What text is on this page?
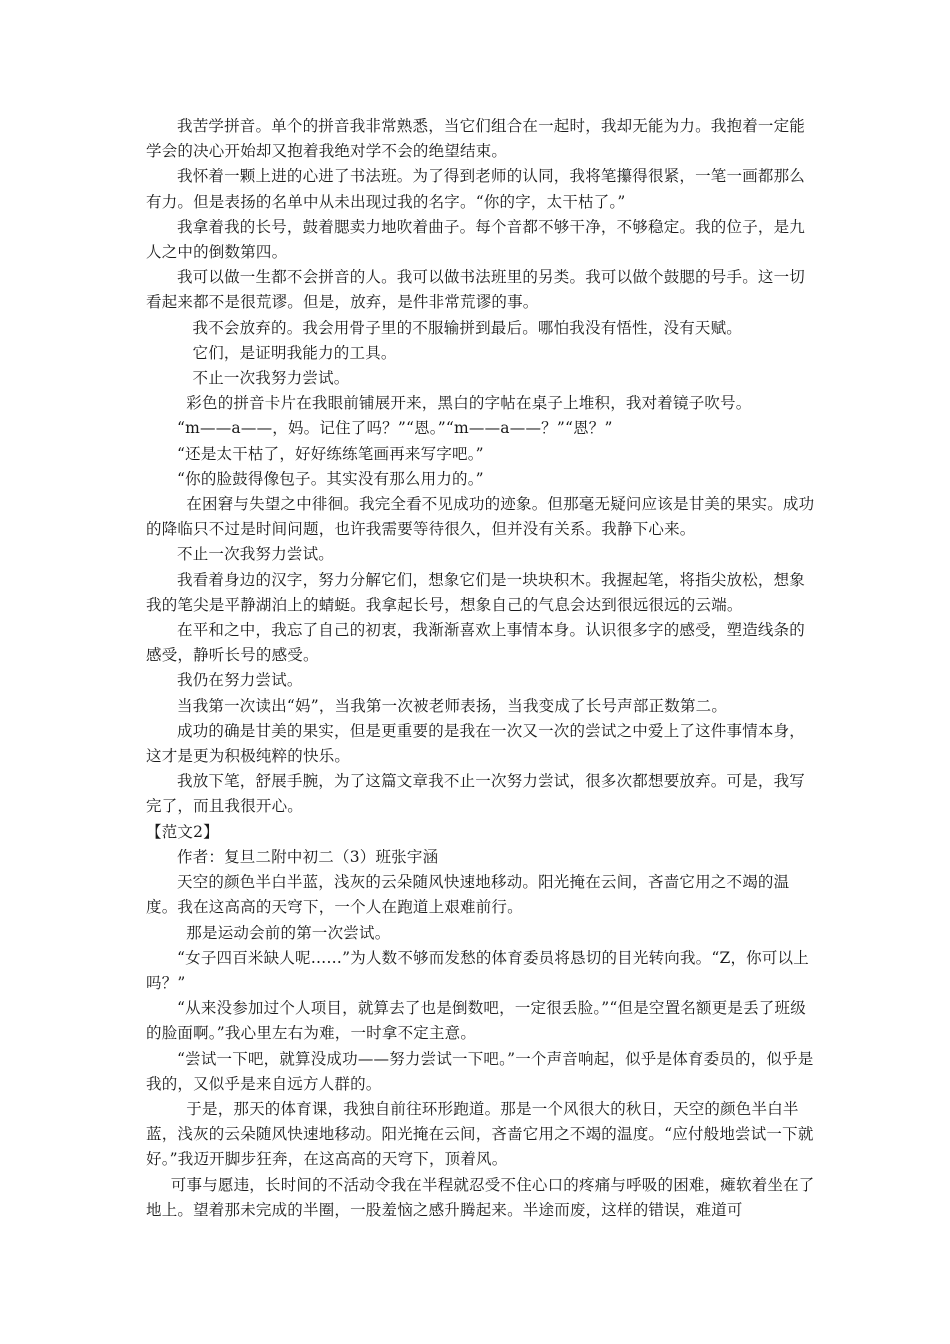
我苦学拼音。单个的拼音我非常熟悉，当它们组合在一起时，我却无能为力。我抱着一定能学会的决心开始却又抱着我绝对学不会的绝望结束。

我怀着一颗上进的心进了书法班。为了得到老师的认同，我将笔攥得很紧，一笔一画都那么有力。但是表扬的名单中从未出现过我的名字。“你的字，太干枯了。”

我拿着我的长号，鼓着腮卖力地吹着曲子。每个音都不够干净，不够稳定。我的位子，是九人之中的倒数第四。

我可以做一生都不会拼音的人。我可以做书法班里的另类。我可以做个鼓腮的号手。这一切看起来都不是很荒谬。但是，放弃，是件非常荒谬的事。

我不会放弃的。我会用骨子里的不服输拼到最后。哪怕我没有悟性，没有天赋。

它们，是证明我能力的工具。

不止一次我努力尝试。

彩色的拼音卡片在我眼前铺展开来，黑白的字帖在桌子上堆积，我对着镜子吹号。

“m——a——，妈。记住了吗？”“恩。”“m——a——？”“恩？”

“还是太干枯了，好好练练笔画再来写字吧。”

“你的脸鼓得像包子。其实没有那么用力的。”

在困窘与失望之中徘徊。我完全看不见成功的迹象。但那毫无疑问应该是甘美的果实。成功的降临只不过是时间问题，也许我需要等待很久，但并没有关系。我静下心来。

不止一次我努力尝试。

我看着身边的汉字，努力分解它们，想象它们是一块块积木。我握起笔，将指尖放松，想象我的笔尖是平静湖泊上的蜻蜓。我拿起长号，想象自己的气息会达到很远很远的云端。

在平和之中，我忘了自己的初衷，我渐渐喜欢上事情本身。认识很多字的感受，塑造线条的感受，静听长号的感受。

我仍在努力尝试。

当我第一次读出“妈”，当我第一次被老师表扬，当我变成了长号声部正数第二。

成功的确是甘美的果实，但是更重要的是我在一次又一次的尝试之中爱上了这件事情本身，这才是更为积极纯粹的快乐。

我放下笔，舒展手腕，为了这篇文章我不止一次努力尝试，很多次都想要放弃。可是，我写完了，而且我很开心。

【范文2】

作者：复旦二附中初二（3）班张宇涵

天空的颜色半白半蓝，浅灰的云朵随风快速地移动。阳光掩在云间，吝啬它用之不竭的温度。我在这高高的天穹下，一个人在跑道上艰难前行。

那是运动会前的第一次尝试。

“女子四百米缺人呢……”为人数不够而发愁的体育委员将恳切的目光转向我。“Z，你可以上吗？”

“从来没参加过个人项目，就算去了也是倒数吧，一定很丢脸。”“但是空置名额更是丢了班级的脸面啊。”我心里左右为难，一时拿不定主意。

“尝试一下吧，就算没成功——努力尝试一下吧。”一个声音响起，似乎是体育委员的，似乎是我的，又似乎是来自远方人群的。

于是，那天的体育课，我独自前往环形跑道。那是一个风很大的秋日，天空的颜色半白半蓝，浅灰的云朵随风快速地移动。阳光掩在云间，吝啬它用之不竭的温度。“应付般地尝试一下就好。”我迈开脚步狂奔，在这高高的天穹下，顶着风。

可事与愿违，长时间的不活动令我在半程就忍受不住心口的疼痛与呼吸的困难，瘫软着坐在了地上。望着那未完成的半圈，一股羞恼之感升腾起来。半途而废，这样的错误，难道可
